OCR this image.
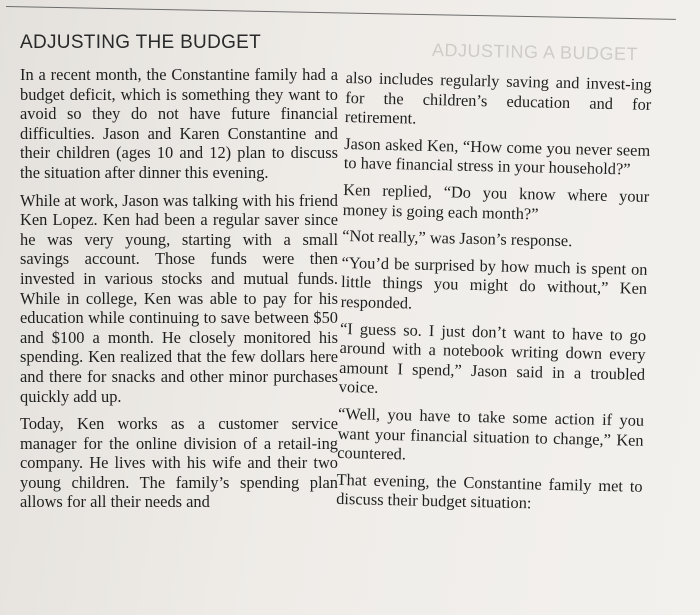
ADJUSTING A BUDGET
ADJUSTING THE BUDGET

In a recent month, the Constantine family had a budget deficit, which is something they want to avoid so they do not have future financial difficulties. Jason and Karen Constantine and their children (ages 10 and 12) plan to discuss the situation after dinner this evening.

While at work, Jason was talking with his friend Ken Lopez. Ken had been a regular saver since he was very young, starting with a small savings account. Those funds were then invested in various stocks and mutual funds. While in college, Ken was able to pay for his education while continuing to save between $50 and $100 a month. He closely monitored his spending. Ken realized that the few dollars here and there for snacks and other minor purchases quickly add up.

Today, Ken works as a customer service manager for the online division of a retail-ing company. He lives with his wife and their two young children. The family’s spending plan allows for all their needs and

also includes regularly saving and invest-ing for the children’s education and for retirement.

Jason asked Ken, “How come you never seem to have financial stress in your household?”

Ken replied, “Do you know where your money is going each month?”

“Not really,” was Jason’s response.

“You’d be surprised by how much is spent on little things you might do without,” Ken responded.

“I guess so. I just don’t want to have to go around with a notebook writing down every amount I spend,” Jason said in a troubled voice.

“Well, you have to take some action if you want your financial situation to change,” Ken countered.

That evening, the Constantine family met to discuss their budget situation:
